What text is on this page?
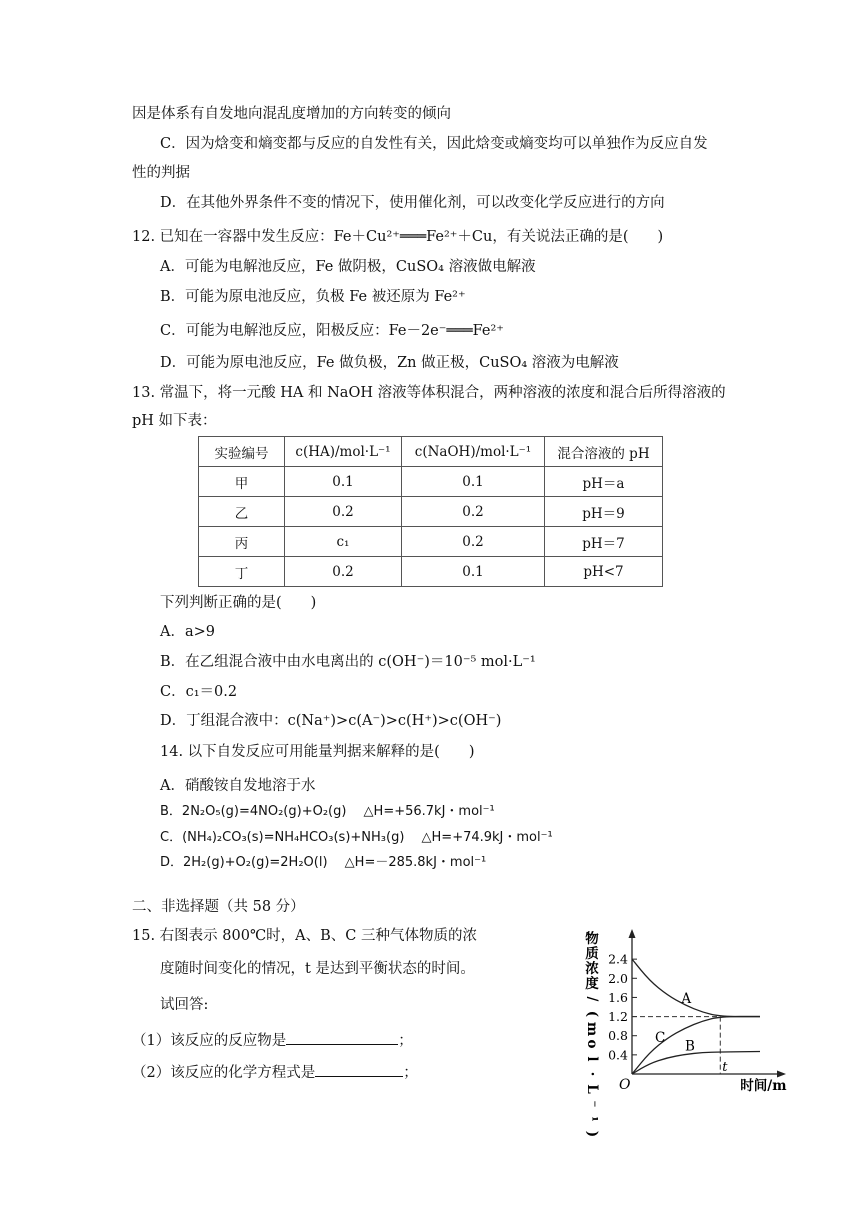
因是体系有自发地向混乱度增加的方向转变的倾向
C．因为焓变和熵变都与反应的自发性有关，因此焓变或熵变均可以单独作为反应自发
性的判据
D．在其他外界条件不变的情况下，使用催化剂，可以改变化学反应进行的方向
12. 已知在一容器中发生反应：Fe＋Cu²⁺═══Fe²⁺＋Cu，有关说法正确的是(　　)
A．可能为电解池反应，Fe 做阴极，CuSO₄ 溶液做电解液
B．可能为原电池反应，负极 Fe 被还原为 Fe²⁺
C．可能为电解池反应，阳极反应：Fe－2e⁻═══Fe²⁺
D．可能为原电池反应，Fe 做负极，Zn 做正极，CuSO₄ 溶液为电解液
13. 常温下，将一元酸 HA 和 NaOH 溶液等体积混合，两种溶液的浓度和混合后所得溶液的
pH 如下表：
实验编号	c(HA)/mol·L⁻¹	c(NaOH)/mol·L⁻¹	混合溶液的 pH
甲	0.1	0.1	pH＝a
乙	0.2	0.2	pH＝9
丙	c₁	0.2	pH＝7
丁	0.2	0.1	pH<7
下列判断正确的是(　　)
A．a>9
B．在乙组混合液中由水电离出的 c(OH⁻)＝10⁻⁵ mol·L⁻¹
C．c₁＝0.2
D．丁组混合液中：c(Na⁺)>c(A⁻)>c(H⁺)>c(OH⁻)
14. 以下自发反应可用能量判据来解释的是(　　)
A．硝酸铵自发地溶于水
B．2N₂O₅(g)=4NO₂(g)+O₂(g)　 △H=+56.7kJ・mol⁻¹
C．(NH₄)₂CO₃(s)=NH₄HCO₃(s)+NH₃(g)　 △H=+74.9kJ・mol⁻¹
D．2H₂(g)+O₂(g)=2H₂O(l)　 △H=－285.8kJ・mol⁻¹
二、非选择题（共 58 分）
15. 右图表示 800℃时，A、B、C 三种气体物质的浓
度随时间变化的情况，t 是达到平衡状态的时间。
试回答:
（1）该反应的反应物是	；
（2）该反应的化学方程式是	；
物
质
浓
度
/
(
m
o
l
·
L
⁻
¹
)
2.4
2.0
1.6
1.2
0.8
0.4
A
C
B
O
t
时间/m
